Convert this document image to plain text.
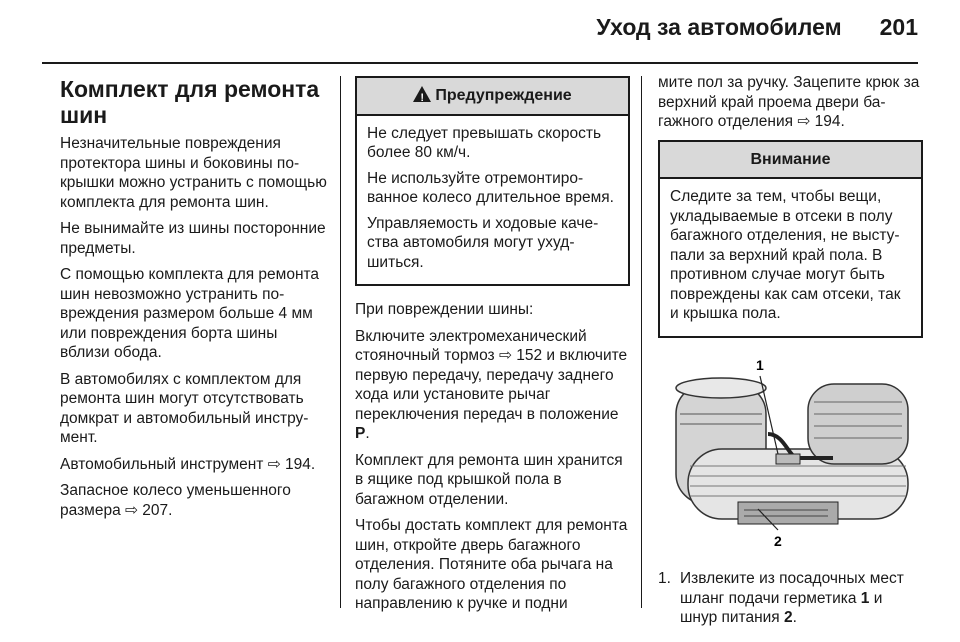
Уход за автомобилем 201
Комплект для ремонта шин

Незначительные повреждения протектора шины и боковины покрышки можно устранить с помощью комплекта для ремонта шин.

Не вынимайте из шины посторонние предметы.

С помощью комплекта для ремонта шин невозможно устранить повреждения размером больше 4 мм или повреждения борта шины вблизи обода.

В автомобилях с комплектом для ремонта шин могут отсутствовать домкрат и автомобильный инструмент.

Автомобильный инструмент ⇨ 194.

Запасное колесо уменьшенного размера ⇨ 207.

! Предупреждение

Не следует превышать скорость более 80 км/ч.

Не используйте отремонтированное колесо длительное время.

Управляемость и ходовые качества автомобиля могут ухудшиться.

При повреждении шины:

Включите электромеханический стояночный тормоз ⇨ 152 и включите первую передачу, передачу заднего хода или установите рычаг переключения передач в положение P.

Комплект для ремонта шин хранится в ящике под крышкой пола в багажном отделении.

Чтобы достать комплект для ремонта шин, откройте дверь багажного отделения. Потяните оба рычага на полу багажного отделения по направлению к ручке и подни

мите пол за ручку. Зацепите крюк за верхний край проема двери багажного отделения ⇨ 194.

Внимание

Следите за тем, чтобы вещи, укладываемые в отсеки в полу багажного отделения, не выступали за верхний край пола. В противном случае могут быть повреждены как сам отсеки, так и крышка пола.

1
2
1. Извлеките из посадочных мест шланг подачи герметика 1 и шнур питания 2.
